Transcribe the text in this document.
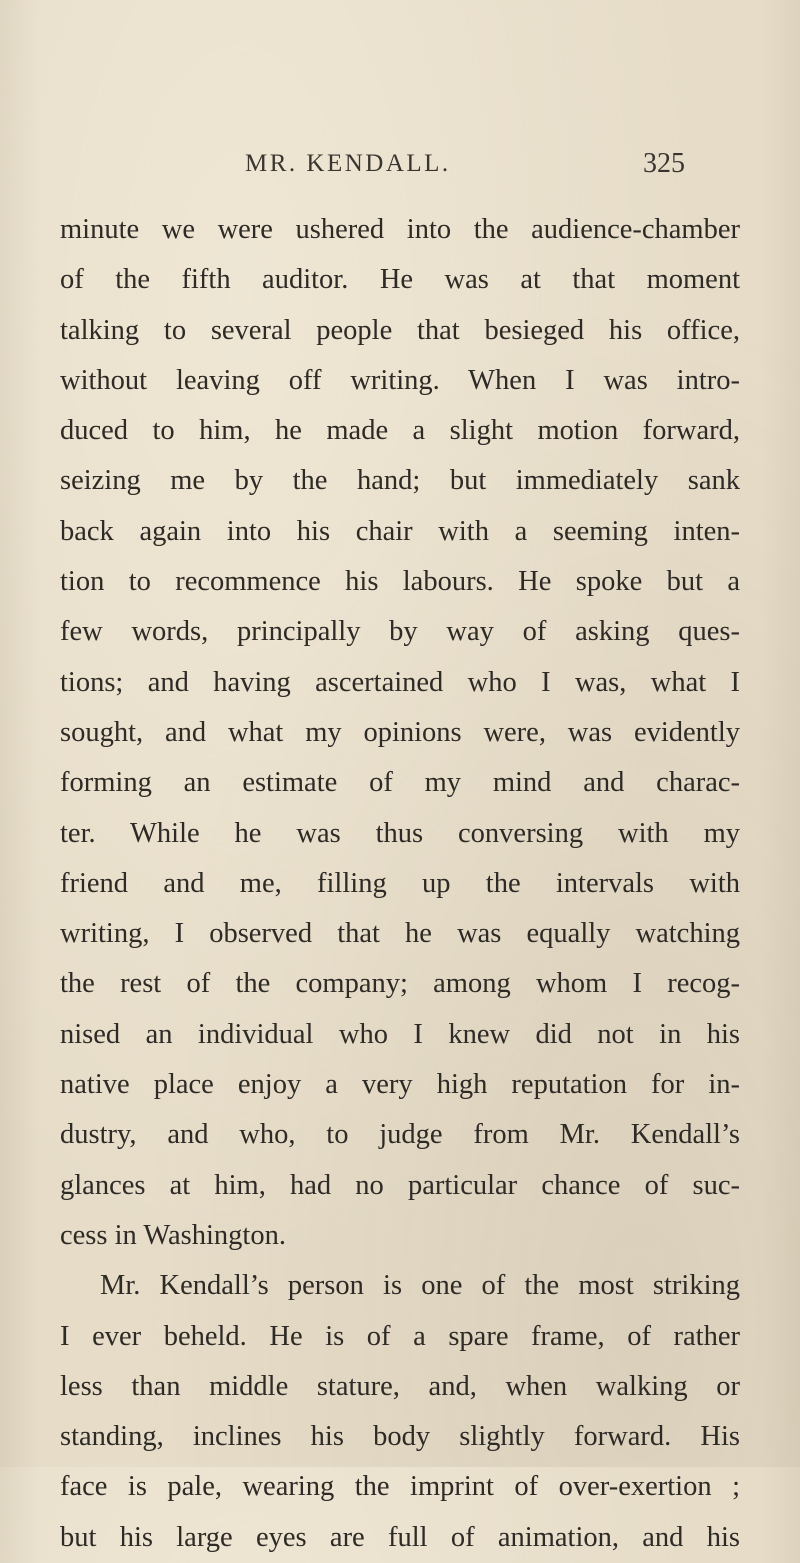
MR. KENDALL.	325
minute we were ushered into the audience-chamber
of the fifth auditor. He was at that moment
talking to several people that besieged his office,
without leaving off writing. When I was intro-
duced to him, he made a slight motion forward,
seizing me by the hand; but immediately sank
back again into his chair with a seeming inten-
tion to recommence his labours. He spoke but a
few words, principally by way of asking ques-
tions; and having ascertained who I was, what I
sought, and what my opinions were, was evidently
forming an estimate of my mind and charac-
ter. While he was thus conversing with my
friend and me, filling up the intervals with
writing, I observed that he was equally watching
the rest of the company; among whom I recog-
nised an individual who I knew did not in his
native place enjoy a very high reputation for in-
dustry, and who, to judge from Mr. Kendall’s
glances at him, had no particular chance of suc-
cess in Washington.
Mr. Kendall’s person is one of the most striking
I ever beheld. He is of a spare frame, of rather
less than middle stature, and, when walking or
standing, inclines his body slightly forward. His
face is pale, wearing the imprint of over-exertion ;
but his large eyes are full of animation, and his
